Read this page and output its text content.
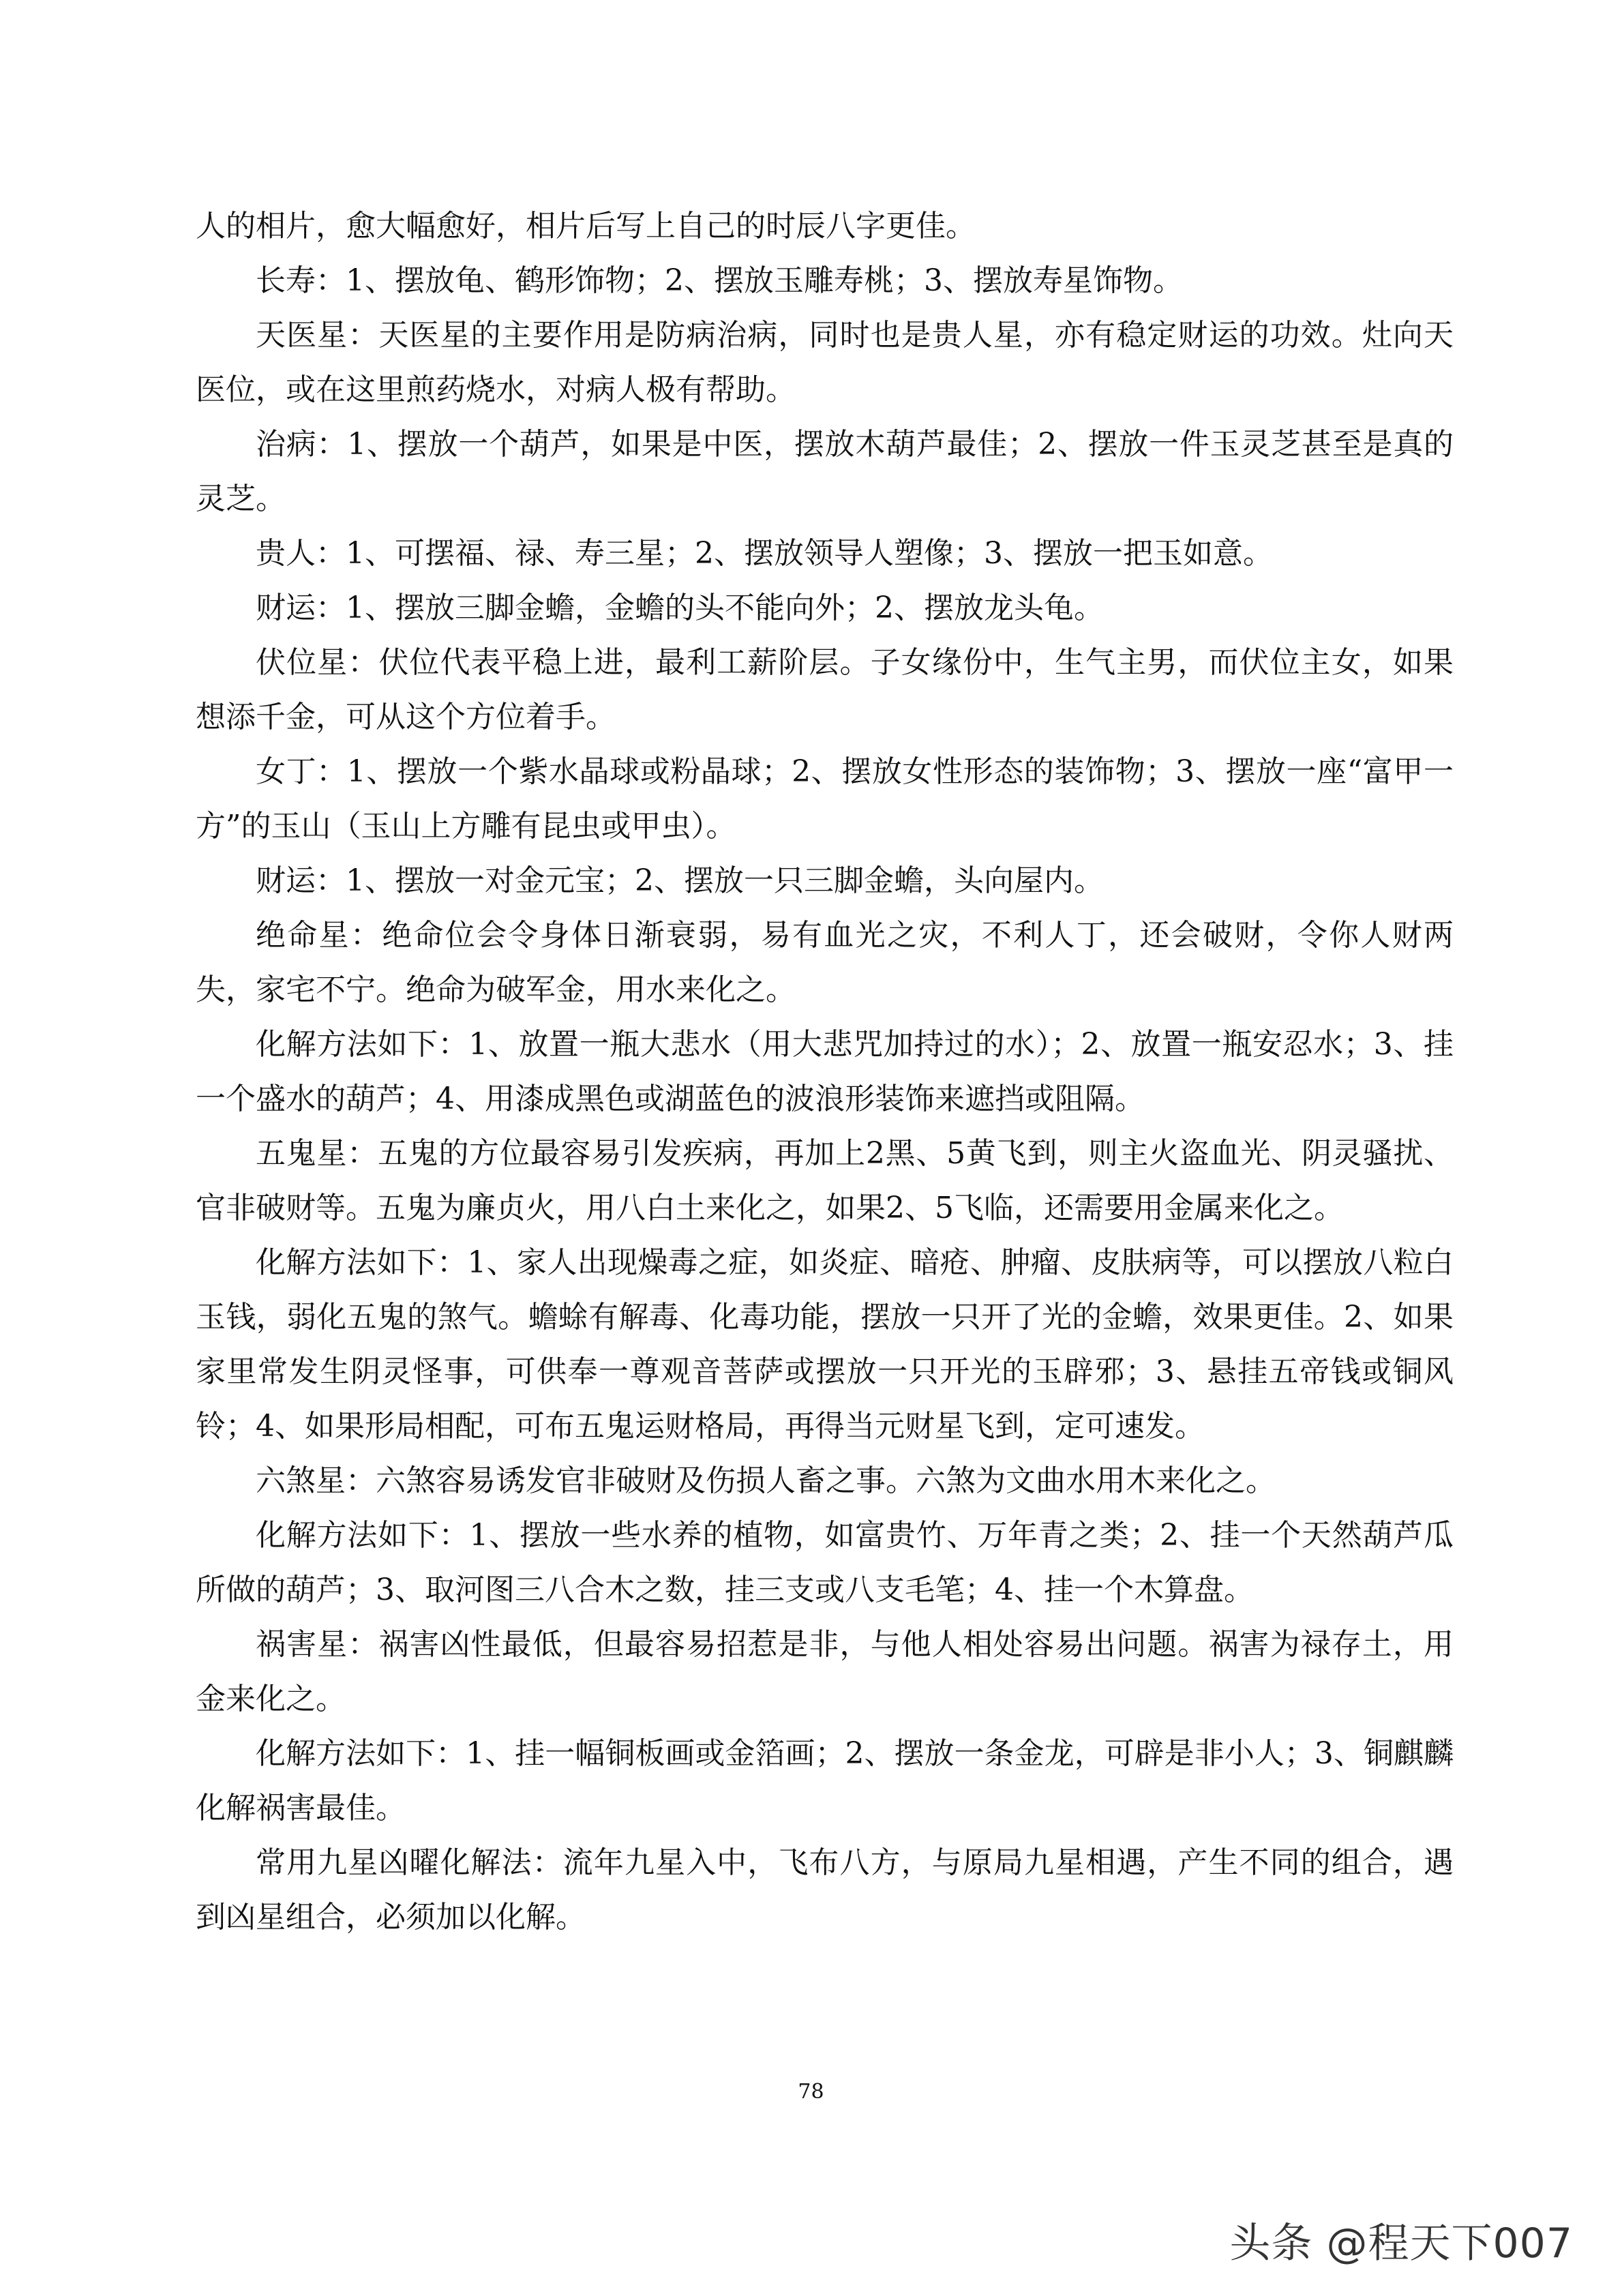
人的相片，愈大幅愈好，相片后写上自己的时辰八字更佳。

长寿：1、摆放龟、鹤形饰物；2、摆放玉雕寿桃；3、摆放寿星饰物。

天医星：天医星的主要作用是防病治病，同时也是贵人星，亦有稳定财运的功效。灶向天医位，或在这里煎药烧水，对病人极有帮助。

治病：1、摆放一个葫芦，如果是中医，摆放木葫芦最佳；2、摆放一件玉灵芝甚至是真的灵芝。

贵人：1、可摆福、禄、寿三星；2、摆放领导人塑像；3、摆放一把玉如意。

财运：1、摆放三脚金蟾，金蟾的头不能向外；2、摆放龙头龟。

伏位星：伏位代表平稳上进，最利工薪阶层。子女缘份中，生气主男，而伏位主女，如果想添千金，可从这个方位着手。

女丁：1、摆放一个紫水晶球或粉晶球；2、摆放女性形态的装饰物；3、摆放一座“富甲一方”的玉山（玉山上方雕有昆虫或甲虫）。

财运：1、摆放一对金元宝；2、摆放一只三脚金蟾，头向屋内。

绝命星：绝命位会令身体日渐衰弱，易有血光之灾，不利人丁，还会破财，令你人财两失，家宅不宁。绝命为破军金，用水来化之。

化解方法如下：1、放置一瓶大悲水（用大悲咒加持过的水）；2、放置一瓶安忍水；3、挂一个盛水的葫芦；4、用漆成黑色或湖蓝色的波浪形装饰来遮挡或阻隔。

五鬼星：五鬼的方位最容易引发疾病，再加上2黑、5黄飞到，则主火盗血光、阴灵骚扰、官非破财等。五鬼为廉贞火，用八白土来化之，如果2、5飞临，还需要用金属来化之。

化解方法如下：1、家人出现燥毒之症，如炎症、暗疮、肿瘤、皮肤病等，可以摆放八粒白玉钱，弱化五鬼的煞气。蟾蜍有解毒、化毒功能，摆放一只开了光的金蟾，效果更佳。2、如果家里常发生阴灵怪事，可供奉一尊观音菩萨或摆放一只开光的玉辟邪；3、悬挂五帝钱或铜风铃；4、如果形局相配，可布五鬼运财格局，再得当元财星飞到，定可速发。

六煞星：六煞容易诱发官非破财及伤损人畜之事。六煞为文曲水用木来化之。

化解方法如下：1、摆放一些水养的植物，如富贵竹、万年青之类；2、挂一个天然葫芦瓜所做的葫芦；3、取河图三八合木之数，挂三支或八支毛笔；4、挂一个木算盘。

祸害星：祸害凶性最低，但最容易招惹是非，与他人相处容易出问题。祸害为禄存土，用金来化之。

化解方法如下：1、挂一幅铜板画或金箔画；2、摆放一条金龙，可辟是非小人；3、铜麒麟化解祸害最佳。

常用九星凶曜化解法：流年九星入中，飞布八方，与原局九星相遇，产生不同的组合，遇到凶星组合，必须加以化解。

78
头条 @程天下007
